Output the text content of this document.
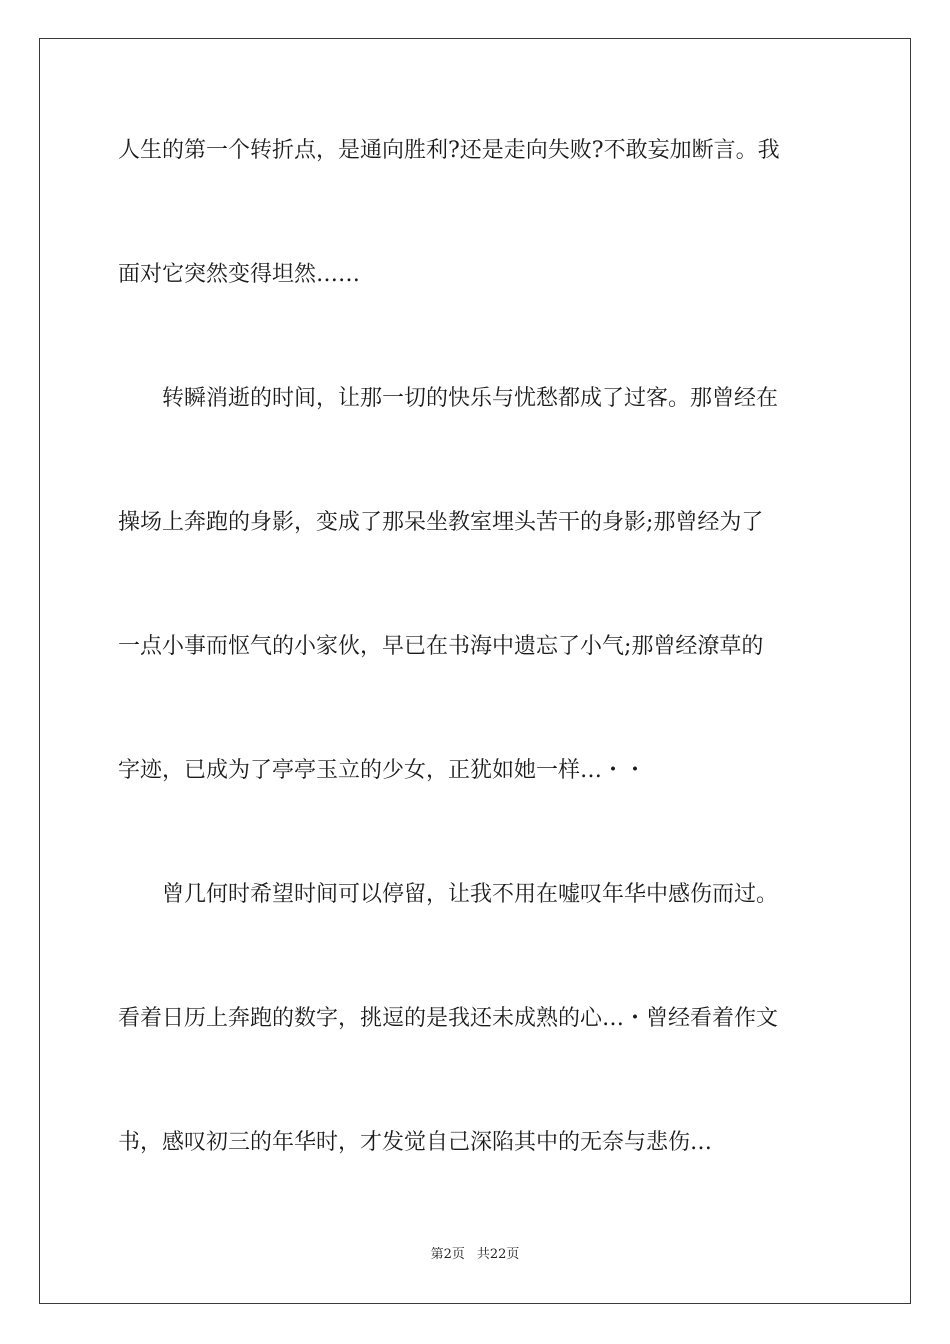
人生的第一个转折点，是通向胜利?还是走向失败?不敢妄加断言。我
面对它突然变得坦然……
　　转瞬消逝的时间，让那一切的快乐与忧愁都成了过客。那曾经在
操场上奔跑的身影，变成了那呆坐教室埋头苦干的身影;那曾经为了
一点小事而怄气的小家伙，早已在书海中遗忘了小气;那曾经潦草的
字迹，已成为了亭亭玉立的少女，正犹如她一样…・・
　　曾几何时希望时间可以停留，让我不用在嘘叹年华中感伤而过。
看着日历上奔跑的数字，挑逗的是我还未成熟的心…・曾经看着作文
书，感叹初三的年华时，才发觉自己深陷其中的无奈与悲伤…
第2页 共22页
